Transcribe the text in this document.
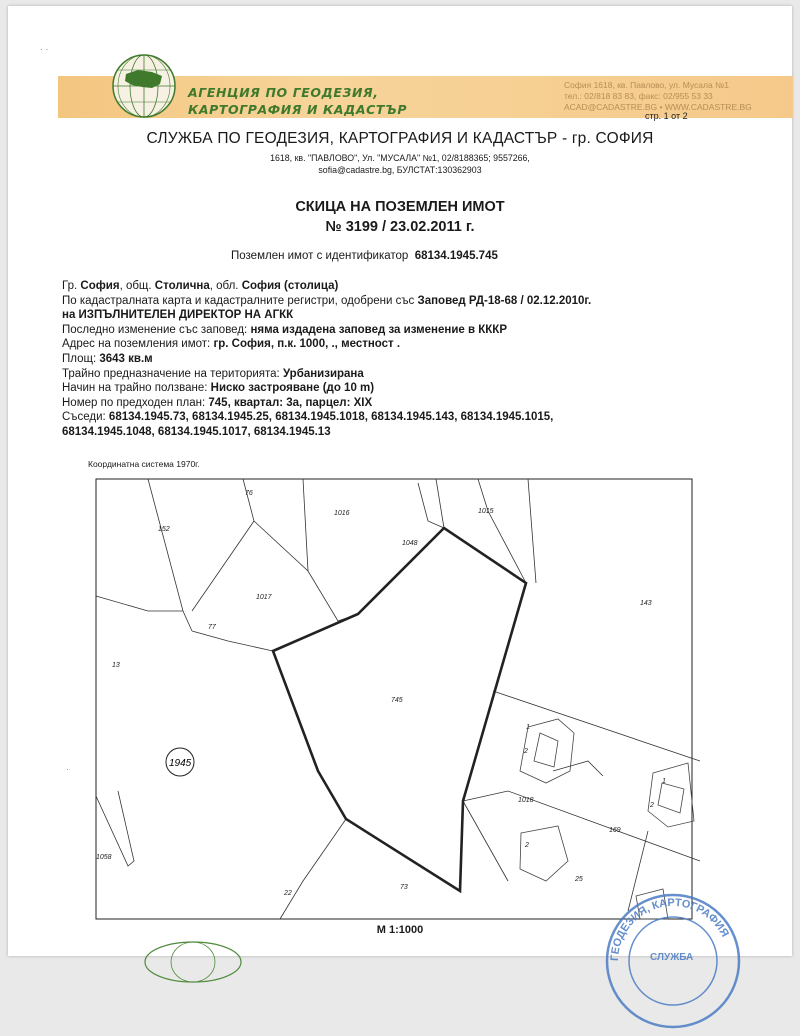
· ·
·
АГЕНЦИЯ ПО ГЕОДЕЗИЯ,
КАРТОГРАФИЯ И КАДАСТЪР
София 1618, кв. Павлово, ул. Мусала №1
тел.: 02/818 83 83, факс: 02/955 53 33
ACAD@CADASTRE.BG • WWW.CADASTRE.BG
стр. 1 от 2
СЛУЖБА ПО ГЕОДЕЗИЯ, КАРТОГРАФИЯ И КАДАСТЪР - гр. СОФИЯ
1618, кв. "ПАВЛОВО", Ул. "МУСАЛА" №1, 02/8188365; 9557266,
sofia@cadastre.bg, БУЛСТАТ:130362903
СКИЦА НА ПОЗЕМЛЕН ИМОТ
№ 3199 / 23.02.2011 г.
Поземлен имот с идентификатор 68134.1945.745
Гр. София, общ. Столична, обл. София (столица)
По кадастралната карта и кадастралните регистри, одобрени със Заповед РД-18-68 / 02.12.2010г.
на ИЗПЪЛНИТЕЛЕН ДИРЕКТОР НА АГКК
Последно изменение със заповед: няма издадена заповед за изменение в КККР
Адрес на поземления имот: гр. София, п.к. 1000, ., местност .
Площ: 3643 кв.м
Трайно предназначение на територията: Урбанизирана
Начин на трайно ползване: Ниско застрояване (до 10 m)
Номер по предходен план: 745, квартал: 3а, парцел: XIX
Съседи: 68134.1945.73, 68134.1945.25, 68134.1945.1018, 68134.1945.143, 68134.1945.1015,
68134.1945.1048, 68134.1945.1017, 68134.1945.13
Координатна система 1970г.
1945
76
152
1016	1015
1048
1017
77
143
13
745
1018
169
25
73
22
1058
1
2
1
2
2
М 1:1000
ГЕОДЕЗИЯ, КАРТОГРАФИЯ
СЛУЖБА
